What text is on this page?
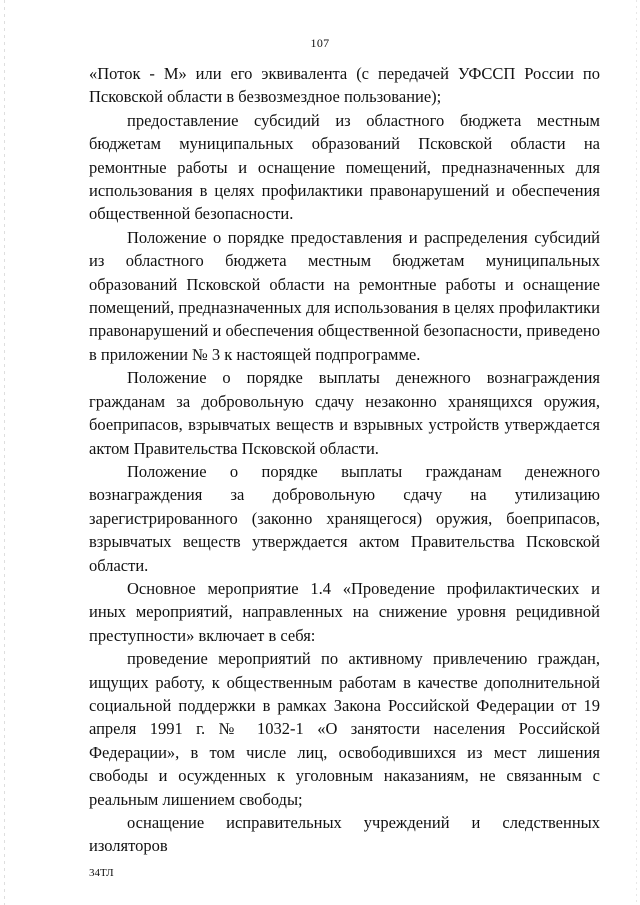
107

«Поток - М» или его эквивалента (с передачей УФССП России по Псковской области в безвозмездное пользование);

предоставление субсидий из областного бюджета местным бюджетам муниципальных образований Псковской области на ремонтные работы и оснащение помещений, предназначенных для использования в целях профилактики правонарушений и обеспечения общественной безопасности.

Положение о порядке предоставления и распределения субсидий из областного бюджета местным бюджетам муниципальных образований Псковской области на ремонтные работы и оснащение помещений, предназначенных для использования в целях профилактики правонарушений и обеспечения общественной безопасности, приведено в приложении № 3 к настоящей подпрограмме.

Положение о порядке выплаты денежного вознаграждения гражданам за добровольную сдачу незаконно хранящихся оружия, боеприпасов, взрывчатых веществ и взрывных устройств утверждается актом Правительства Псковской области.

Положение о порядке выплаты гражданам денежного вознаграждения за добровольную сдачу на утилизацию зарегистрированного (законно хранящегося) оружия, боеприпасов, взрывчатых веществ утверждается актом Правительства Псковской области.

Основное мероприятие 1.4 «Проведение профилактических и иных мероприятий, направленных на снижение уровня рецидивной преступности» включает в себя:

проведение мероприятий по активному привлечению граждан, ищущих работу, к общественным работам в качестве дополнительной социальной поддержки в рамках Закона Российской Федерации от 19 апреля 1991 г. № 1032-1 «О занятости населения Российской Федерации», в том числе лиц, освободившихся из мест лишения свободы и осужденных к уголовным наказаниям, не связанным с реальным лишением свободы;

оснащение исправительных учреждений и следственных изоляторов

34ТЛ
